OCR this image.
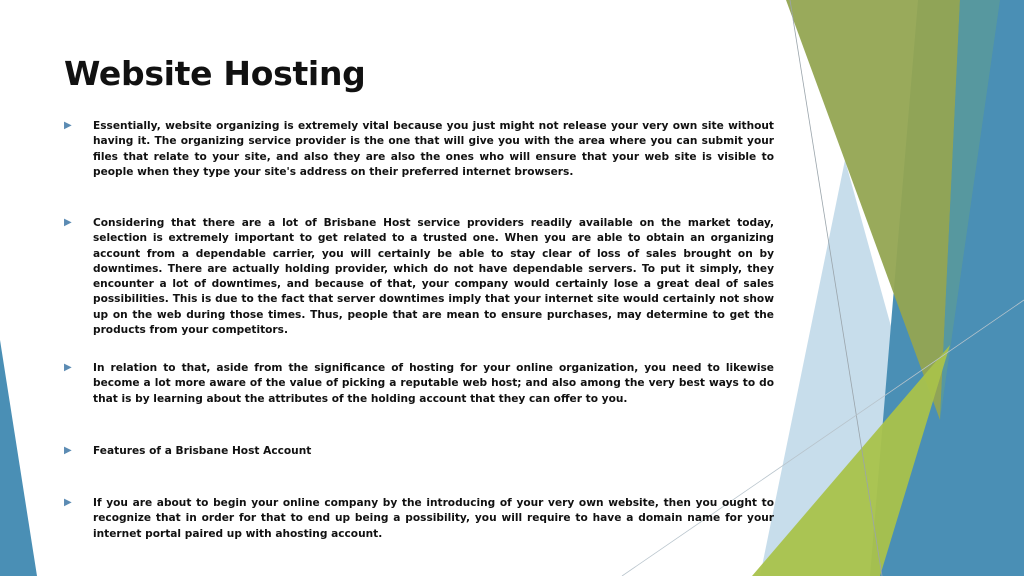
Website Hosting
▶ Essentially, website organizing is extremely vital because you just might not release your very own site without having it. The organizing service provider is the one that will give you with the area where you can submit your files that relate to your site, and also they are also the ones who will ensure that your web site is visible to people when they type your site's address on their preferred internet browsers.
▶ Considering that there are a lot of Brisbane Host service providers readily available on the market today, selection is extremely important to get related to a trusted one. When you are able to obtain an organizing account from a dependable carrier, you will certainly be able to stay clear of loss of sales brought on by downtimes. There are actually holding provider, which do not have dependable servers. To put it simply, they encounter a lot of downtimes, and because of that, your company would certainly lose a great deal of sales possibilities. This is due to the fact that server downtimes imply that your internet site would certainly not show up on the web during those times. Thus, people that are mean to ensure purchases, may determine to get the products from your competitors.
▶ In relation to that, aside from the significance of hosting for your online organization, you need to likewise become a lot more aware of the value of picking a reputable web host; and also among the very best ways to do that is by learning about the attributes of the holding account that they can offer to you.
▶ Features of a Brisbane Host Account
▶ If you are about to begin your online company by the introducing of your very own website, then you ought to recognize that in order for that to end up being a possibility, you will require to have a domain name for your internet portal paired up with ahosting account.
